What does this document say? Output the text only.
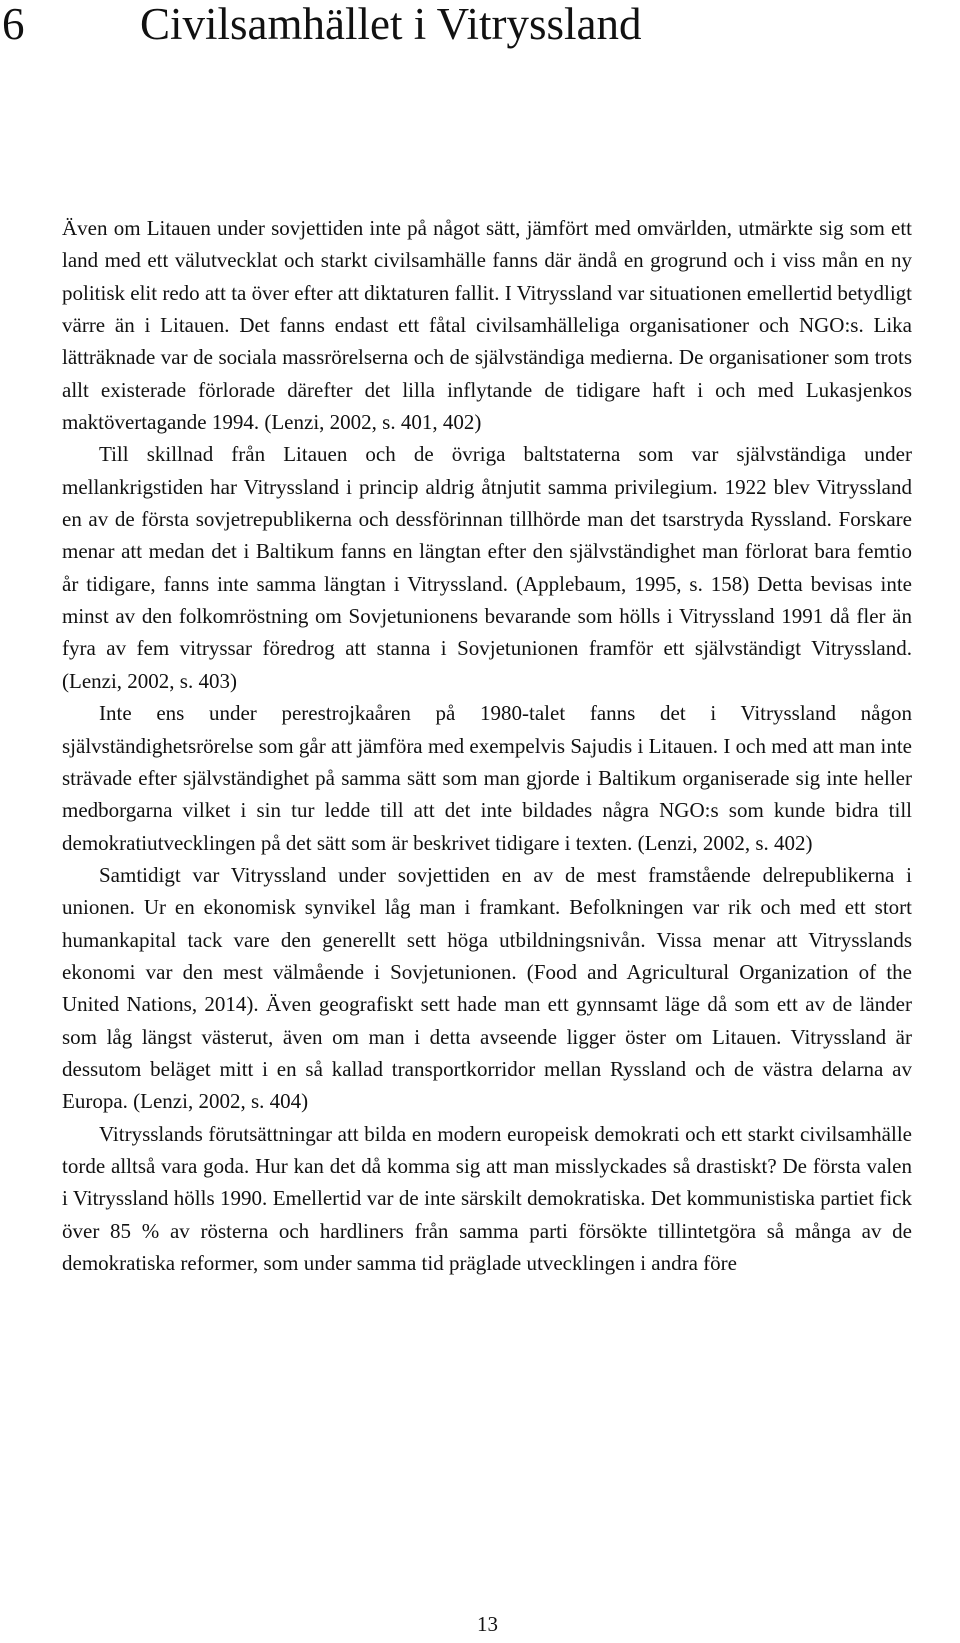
6	Civilsamhället i Vitryssland

Även om Litauen under sovjettiden inte på något sätt, jämfört med omvärlden, utmärkte sig som ett land med ett välutvecklat och starkt civilsamhälle fanns där ändå en grogrund och i viss mån en ny politisk elit redo att ta över efter att diktaturen fallit. I Vitryssland var situationen emellertid betydligt värre än i Litauen. Det fanns endast ett fåtal civilsamhälleliga organisationer och NGO:s. Lika lätträknade var de sociala massrörelserna och de självständiga medierna. De organisationer som trots allt existerade förlorade därefter det lilla inflytande de tidigare haft i och med Lukasjenkos maktövertagande 1994. (Lenzi, 2002, s. 401, 402)

Till skillnad från Litauen och de övriga baltstaterna som var självständiga under mellankrigstiden har Vitryssland i princip aldrig åtnjutit samma privilegium. 1922 blev Vitryssland en av de första sovjetrepublikerna och dessförinnan tillhörde man det tsarstryda Ryssland. Forskare menar att medan det i Baltikum fanns en längtan efter den självständighet man förlorat bara femtio år tidigare, fanns inte samma längtan i Vitryssland. (Applebaum, 1995, s. 158) Detta bevisas inte minst av den folkomröstning om Sovjetunionens bevarande som hölls i Vitryssland 1991 då fler än fyra av fem vitryssar föredrog att stanna i Sovjetunionen framför ett självständigt Vitryssland. (Lenzi, 2002, s. 403)

Inte ens under perestrojkaåren på 1980-talet fanns det i Vitryssland någon självständighetsrörelse som går att jämföra med exempelvis Sajudis i Litauen. I och med att man inte strävade efter självständighet på samma sätt som man gjorde i Baltikum organiserade sig inte heller medborgarna vilket i sin tur ledde till att det inte bildades några NGO:s som kunde bidra till demokratiutvecklingen på det sätt som är beskrivet tidigare i texten. (Lenzi, 2002, s. 402)

Samtidigt var Vitryssland under sovjettiden en av de mest framstående delrepublikerna i unionen. Ur en ekonomisk synvikel låg man i framkant. Befolkningen var rik och med ett stort humankapital tack vare den generellt sett höga utbildningsnivån. Vissa menar att Vitrysslands ekonomi var den mest välmående i Sovjetunionen. (Food and Agricultural Organization of the United Nations, 2014). Även geografiskt sett hade man ett gynnsamt läge då som ett av de länder som låg längst västerut, även om man i detta avseende ligger öster om Litauen. Vitryssland är dessutom beläget mitt i en så kallad transportkorridor mellan Ryssland och de västra delarna av Europa. (Lenzi, 2002, s. 404)

Vitrysslands förutsättningar att bilda en modern europeisk demokrati och ett starkt civilsamhälle torde alltså vara goda. Hur kan det då komma sig att man misslyckades så drastiskt? De första valen i Vitryssland hölls 1990. Emellertid var de inte särskilt demokratiska. Det kommunistiska partiet fick över 85 % av rösterna och hardliners från samma parti försökte tillintetgöra så många av de demokratiska reformer, som under samma tid präglade utvecklingen i andra före

13
